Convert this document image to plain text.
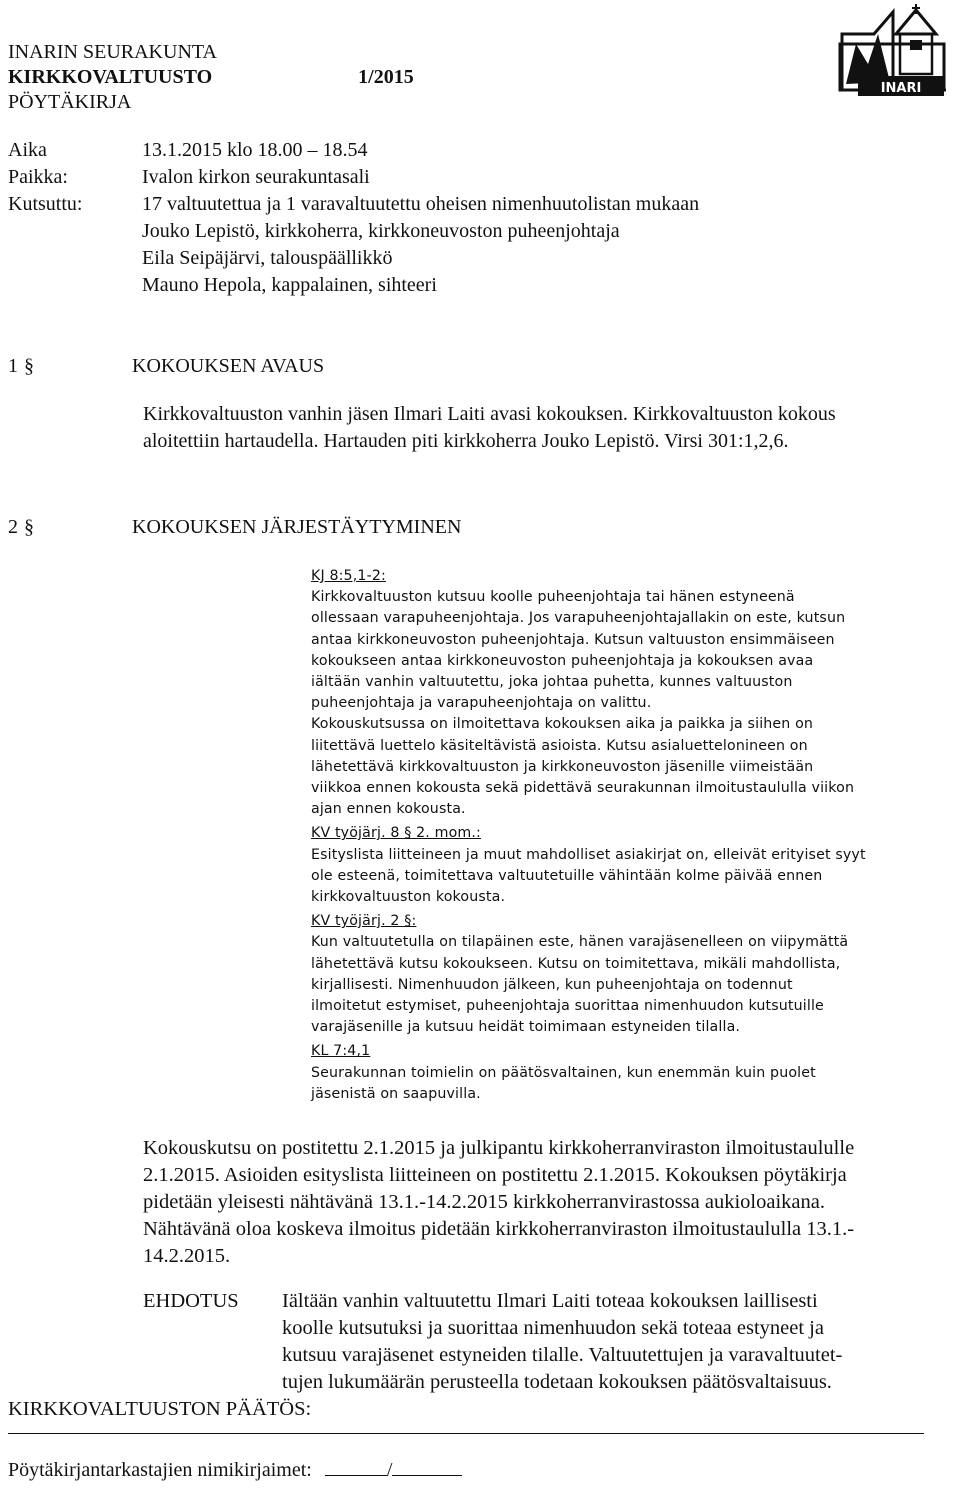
INARIN SEURAKUNTA
KIRKKOVALTUUSTO	1/2015
PÖYTÄKIRJA
INARI
Aika	13.1.2015 klo 18.00 – 18.54
Paikka:	Ivalon kirkon seurakuntasali
Kutsuttu:	17 valtuutettua ja 1 varavaltuutettu oheisen nimenhuutolistan mukaan
Jouko Lepistö, kirkkoherra, kirkkoneuvoston puheenjohtaja
Eila Seipäjärvi, talouspäällikkö
Mauno Hepola, kappalainen, sihteeri
1 §	KOKOUKSEN AVAUS
Kirkkovaltuuston vanhin jäsen Ilmari Laiti avasi kokouksen. Kirkkovaltuuston kokous
aloitettiin hartaudella. Hartauden piti kirkkoherra Jouko Lepistö. Virsi 301:1,2,6.
2 §	KOKOUKSEN JÄRJESTÄYTYMINEN
KJ 8:5,1-2:
Kirkkovaltuuston kutsuu koolle puheenjohtaja tai hänen estyneenä
ollessaan varapuheenjohtaja. Jos varapuheenjohtajallakin on este, kutsun
antaa kirkkoneuvoston puheenjohtaja. Kutsun valtuuston ensimmäiseen
kokoukseen antaa kirkkoneuvoston puheenjohtaja ja kokouksen avaa
iältään vanhin valtuutettu, joka johtaa puhetta, kunnes valtuuston
puheenjohtaja ja varapuheenjohtaja on valittu.
Kokouskutsussa on ilmoitettava kokouksen aika ja paikka ja siihen on
liitettävä luettelo käsiteltävistä asioista. Kutsu asialuettelonineen on
lähetettävä kirkkovaltuuston ja kirkkoneuvoston jäsenille viimeistään
viikkoa ennen kokousta sekä pidettävä seurakunnan ilmoitustaululla viikon
ajan ennen kokousta.
KV työjärj. 8 § 2. mom.:
Esityslista liitteineen ja muut mahdolliset asiakirjat on, elleivät erityiset syyt
ole esteenä, toimitettava valtuutetuille vähintään kolme päivää ennen
kirkkovaltuuston kokousta.
KV työjärj. 2 §:
Kun valtuutetulla on tilapäinen este, hänen varajäsenelleen on viipymättä
lähetettävä kutsu kokoukseen. Kutsu on toimitettava, mikäli mahdollista,
kirjallisesti. Nimenhuudon jälkeen, kun puheenjohtaja on todennut
ilmoitetut estymiset, puheenjohtaja suorittaa nimenhuudon kutsutuille
varajäsenille ja kutsuu heidät toimimaan estyneiden tilalla.
KL 7:4,1
Seurakunnan toimielin on päätösvaltainen, kun enemmän kuin puolet
jäsenistä on saapuvilla.
Kokouskutsu on postitettu 2.1.2015 ja julkipantu kirkkoherranviraston ilmoitustaululle
2.1.2015. Asioiden esityslista liitteineen on postitettu 2.1.2015. Kokouksen pöytäkirja
pidetään yleisesti nähtävänä 13.1.-14.2.2015 kirkkoherranvirastossa aukioloaikana.
Nähtävänä oloa koskeva ilmoitus pidetään kirkkoherranviraston ilmoitustaululla 13.1.-
14.2.2015.
EHDOTUS Iältään vanhin valtuutettu Ilmari Laiti toteaa kokouksen laillisesti
koolle kutsutuksi ja suorittaa nimenhuudon sekä toteaa estyneet ja
kutsuu varajäsenet estyneiden tilalle. Valtuutettujen ja varavaltuutet-
tujen lukumäärän perusteella todetaan kokouksen päätösvaltaisuus.
KIRKKOVALTUUSTON PÄÄTÖS:
Pöytäkirjantarkastajien nimikirjaimet:	/
